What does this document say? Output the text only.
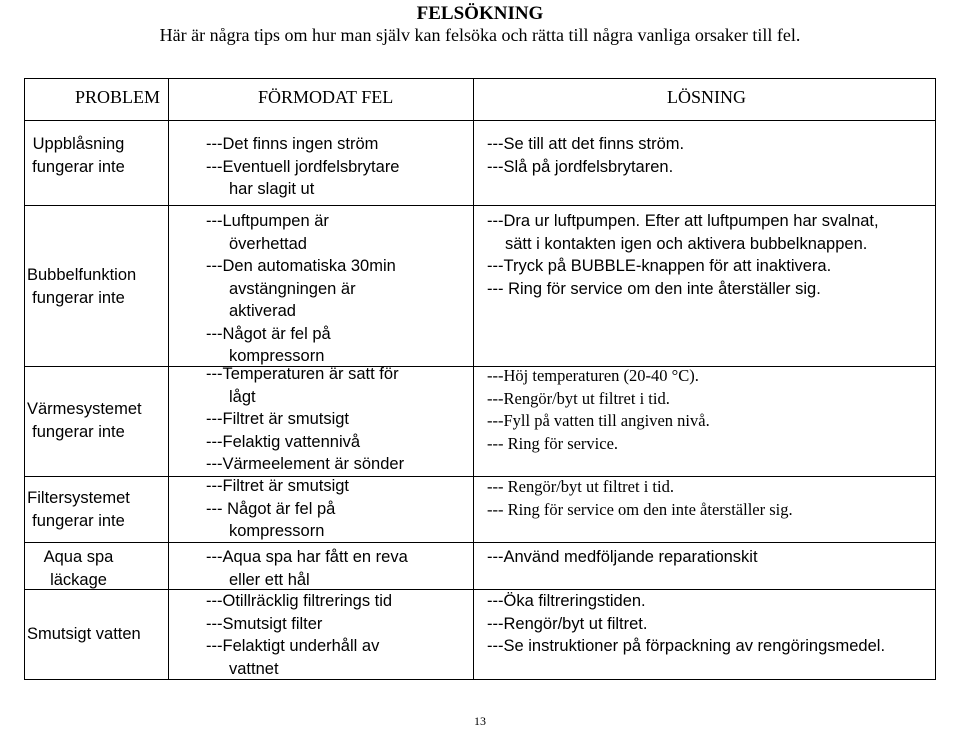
FELSÖKNING
Här är några tips om hur man själv kan felsöka och rätta till några vanliga orsaker till fel.
PROBLEM	FÖRMODAT FEL	LÖSNING
Uppblåsning
fungerar inte
---Det finns ingen ström
---Eventuell jordfelsbrytare
har slagit ut
---Se till att det finns ström.
---Slå på jordfelsbrytaren.
Bubbelfunktion
fungerar inte
---Luftpumpen är
överhettad
---Den automatiska 30min
avstängningen är
aktiverad
---Något är fel på
kompressorn
---Dra ur luftpumpen. Efter att luftpumpen har svalnat,
sätt i kontakten igen och aktivera bubbelknappen.
---Tryck på BUBBLE-knappen för att inaktivera.
--- Ring för service om den inte återställer sig.
Värmesystemet
fungerar inte
---Temperaturen är satt för
lågt
---Filtret är smutsigt
---Felaktig vattennivå
---Värmeelement är sönder
---Höj temperaturen (20-40 °C).
---Rengör/byt ut filtret i tid.
---Fyll på vatten till angiven nivå.
--- Ring för service.
Filtersystemet
fungerar inte
---Filtret är smutsigt
--- Något är fel på
kompressorn
--- Rengör/byt ut filtret i tid.
--- Ring för service om den inte återställer sig.
Aqua spa
läckage
---Aqua spa har fått en reva
eller ett hål
---Använd medföljande reparationskit
Smutsigt vatten
---Otillräcklig filtrerings tid
---Smutsigt filter
---Felaktigt underhåll av
vattnet
---Öka filtreringstiden.
---Rengör/byt ut filtret.
---Se instruktioner på förpackning av rengöringsmedel.
13
